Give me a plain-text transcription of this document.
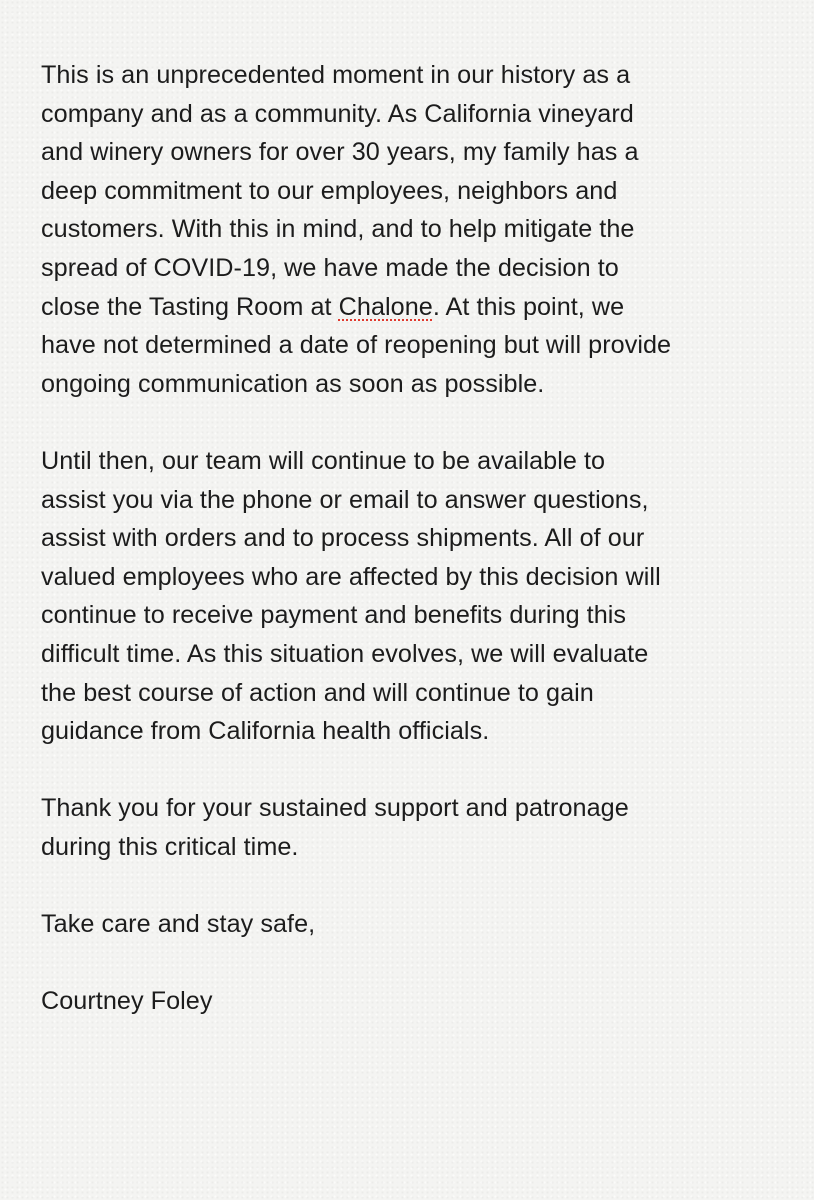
This is an unprecedented moment in our history as a
company and as a community. As California vineyard
and winery owners for over 30 years, my family has a
deep commitment to our employees, neighbors and
customers. With this in mind, and to help mitigate the
spread of COVID-19, we have made the decision to
close the Tasting Room at Chalone. At this point, we
have not determined a date of reopening but will provide
ongoing communication as soon as possible.

Until then, our team will continue to be available to
assist you via the phone or email to answer questions,
assist with orders and to process shipments. All of our
valued employees who are affected by this decision will
continue to receive payment and benefits during this
difficult time. As this situation evolves, we will evaluate
the best course of action and will continue to gain
guidance from California health officials.

Thank you for your sustained support and patronage
during this critical time.

Take care and stay safe,

Courtney Foley
